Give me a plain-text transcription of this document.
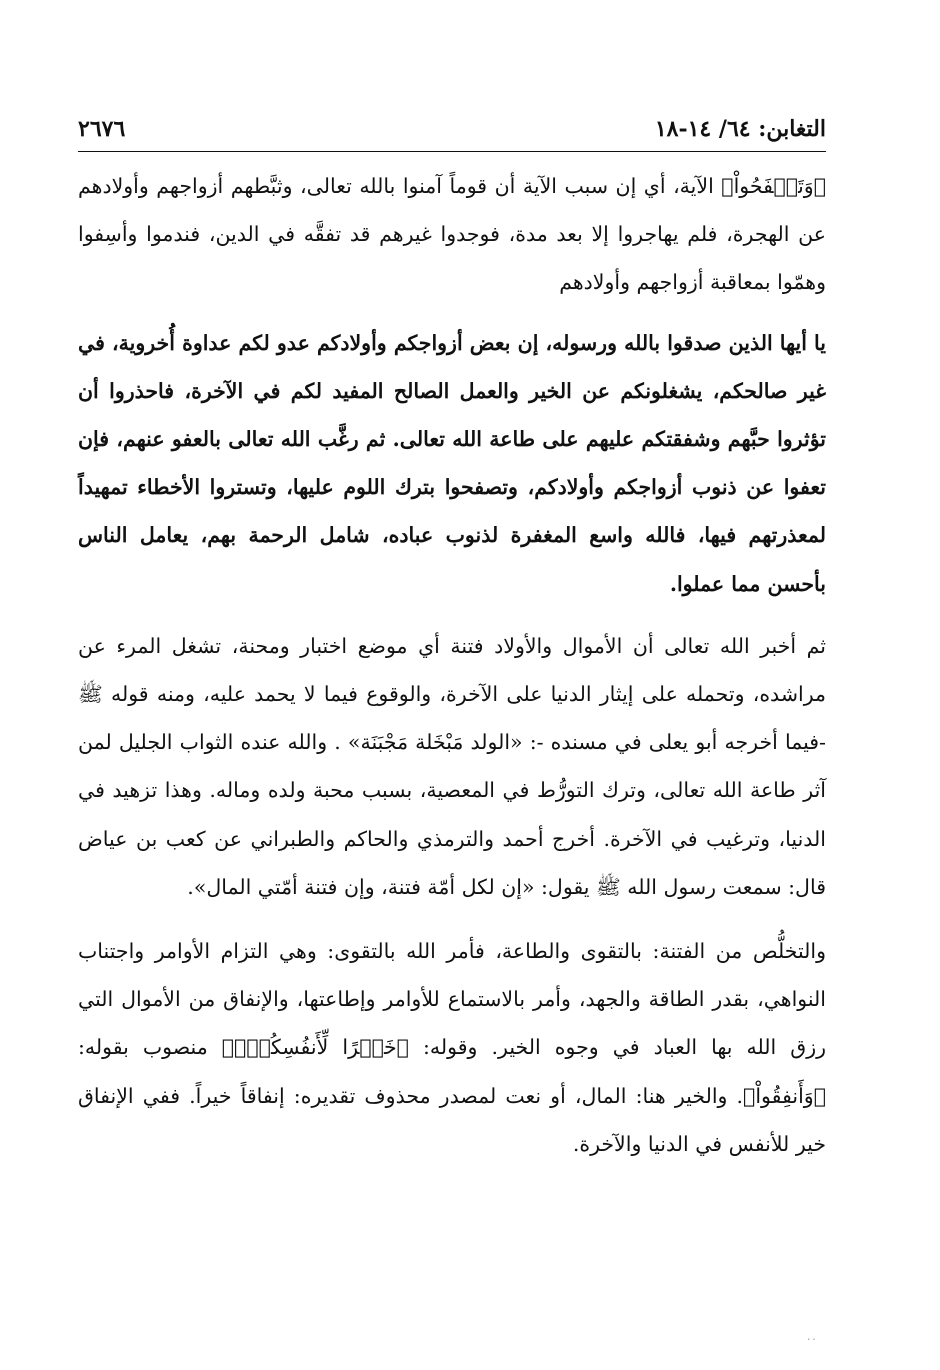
التغابن: ٦٤/ ١٤-١٨
٢٦٧٦

﴿وَتَصۡفَحُواْ﴾ الآية، أي إن سبب الآية أن قوماً آمنوا بالله تعالى، وثبَّطهم أزواجهم وأولادهم عن الهجرة، فلم يهاجروا إلا بعد مدة، فوجدوا غيرهم قد تفقَّه في الدين، فندموا وأسِفوا وهمّوا بمعاقبة أزواجهم وأولادهم

يا أيها الذين صدقوا بالله ورسوله، إن بعض أزواجكم وأولادكم عدو لكم عداوة أُخروية، في غير صالحكم، يشغلونكم عن الخير والعمل الصالح المفيد لكم في الآخرة، فاحذروا أن تؤثروا حبَّهم وشفقتكم عليهم على طاعة الله تعالى. ثم رغَّب الله تعالى بالعفو عنهم، فإن تعفوا عن ذنوب أزواجكم وأولادكم، وتصفحوا بترك اللوم عليها، وتستروا الأخطاء تمهيداً لمعذرتهم فيها، فالله واسع المغفرة لذنوب عباده، شامل الرحمة بهم، يعامل الناس بأحسن مما عملوا.

ثم أخبر الله تعالى أن الأموال والأولاد فتنة أي موضع اختبار ومحنة، تشغل المرء عن مراشده، وتحمله على إيثار الدنيا على الآخرة، والوقوع فيما لا يحمد عليه، ومنه قوله ﷺ -فيما أخرجه أبو يعلى في مسنده -: «الولد مَبْخَلة مَجْبَنَة» . والله عنده الثواب الجليل لمن آثر طاعة الله تعالى، وترك التورُّط في المعصية، بسبب محبة ولده وماله. وهذا تزهيد في الدنيا، وترغيب في الآخرة. أخرج أحمد والترمذي والحاكم والطبراني عن كعب بن عياض قال: سمعت رسول الله ﷺ يقول: «إن لكل أمّة فتنة، وإن فتنة أمّتي المال».

والتخلُّص من الفتنة: بالتقوى والطاعة، فأمر الله بالتقوى: وهي التزام الأوامر واجتناب النواهي، بقدر الطاقة والجهد، وأمر بالاستماع للأوامر وإطاعتها، والإنفاق من الأموال التي رزق الله بها العباد في وجوه الخير. وقوله: ﴿خَيۡرًا لِّأَنفُسِكُمۡۗ﴾ منصوب بقوله: ﴿وَأَنفِقُواْ﴾. والخير هنا: المال، أو نعت لمصدر محذوف تقديره: إنفاقاً خيراً. ففي الإنفاق خير للأنفس في الدنيا والآخرة.

٠٠
